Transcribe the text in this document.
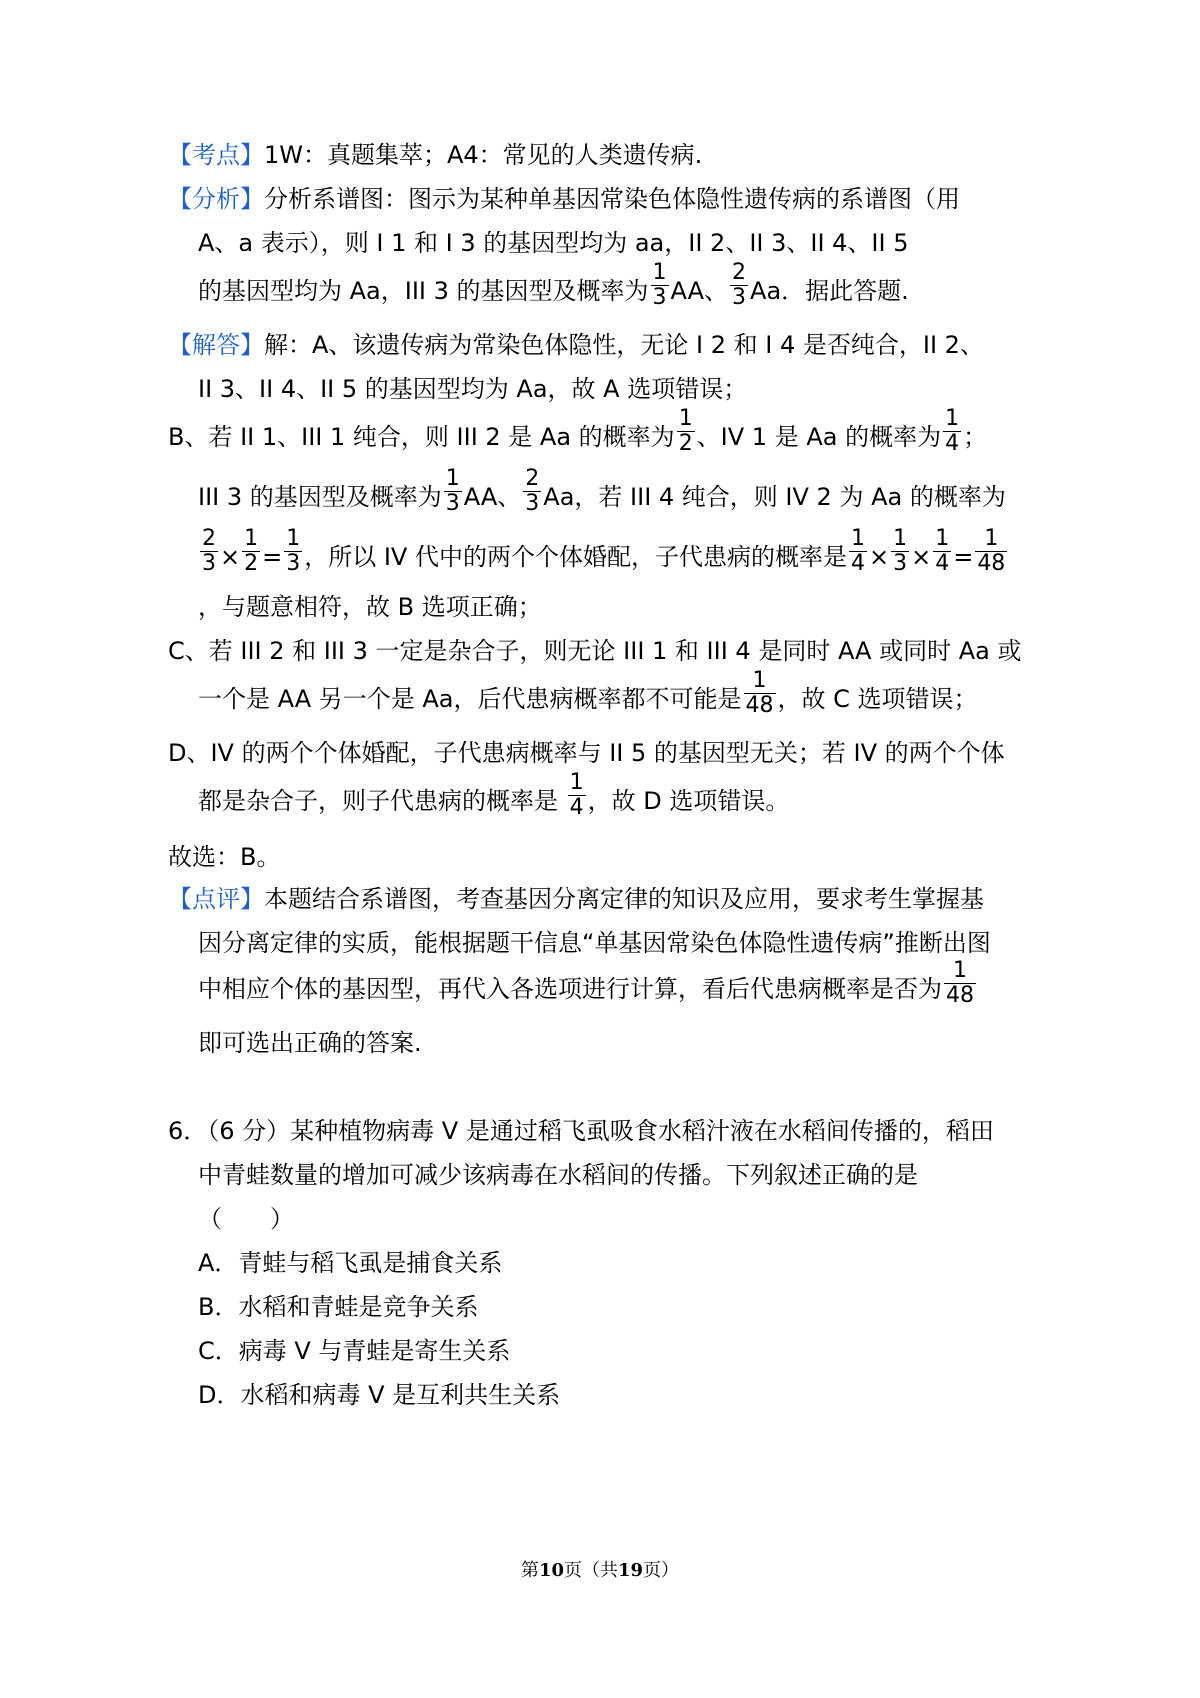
【考点】1W：真题集萃；A4：常见的人类遗传病.
【分析】分析系谱图：图示为某种单基因常染色体隐性遗传病的系谱图（用
A、a 表示），则 I 1 和 I 3 的基因型均为 aa，II 2、II 3、II 4、II 5
的基因型均为 Aa，III 3 的基因型及概率为 $\frac{1}{3}$ AA、 $\frac{2}{3}$ Aa．据此答题.
【解答】解：A、该遗传病为常染色体隐性，无论 I 2 和 I 4 是否纯合，II 2、
II 3、II 4、II 5 的基因型均为 Aa，故 A 选项错误；
B、若 II 1、III 1 纯合，则 III 2 是 Aa 的概率为 $\frac{1}{2}$ 、IV 1 是 Aa 的概率为 $\frac{1}{4}$ ；
III 3 的基因型及概率为 $\frac{1}{3}$ AA、 $\frac{2}{3}$ Aa，若 III 4 纯合，则 IV 2 为 Aa 的概率为
$\frac{2}{3} \times \frac{1}{2} = \frac{1}{3}$ ，所以 IV 代中的两个个体婚配，子代患病的概率是 $\frac{1}{4} \times \frac{1}{3} \times \frac{1}{4} = \frac{1}{48}$
，与题意相符，故 B 选项正确；
C、若 III 2 和 III 3 一定是杂合子，则无论 III 1 和 III 4 是同时 AA 或同时 Aa 或
一个是 AA 另一个是 Aa，后代患病概率都不可能是 $\frac{1}{48}$ ，故 C 选项错误；
D、IV 的两个个体婚配，子代患病概率与 II 5 的基因型无关；若 IV 的两个个体
都是杂合子，则子代患病的概率是 $\frac{1}{4}$ ，故 D 选项错误。
故选：B。
【点评】本题结合系谱图，考查基因分离定律的知识及应用，要求考生掌握基
因分离定律的实质，能根据题干信息“单基因常染色体隐性遗传病”推断出图
中相应个体的基因型，再代入各选项进行计算，看后代患病概率是否为 $\frac{1}{48}$
即可选出正确的答案.
6．（6 分）某种植物病毒 V 是通过稻飞虱吸食水稻汁液在水稻间传播的，稻田
中青蛙数量的增加可减少该病毒在水稻间的传播。下列叙述正确的是
（　　）
A．青蛙与稻飞虱是捕食关系
B．水稻和青蛙是竞争关系
C．病毒 V 与青蛙是寄生关系
D．水稻和病毒 V 是互利共生关系
第10页（共19页）
